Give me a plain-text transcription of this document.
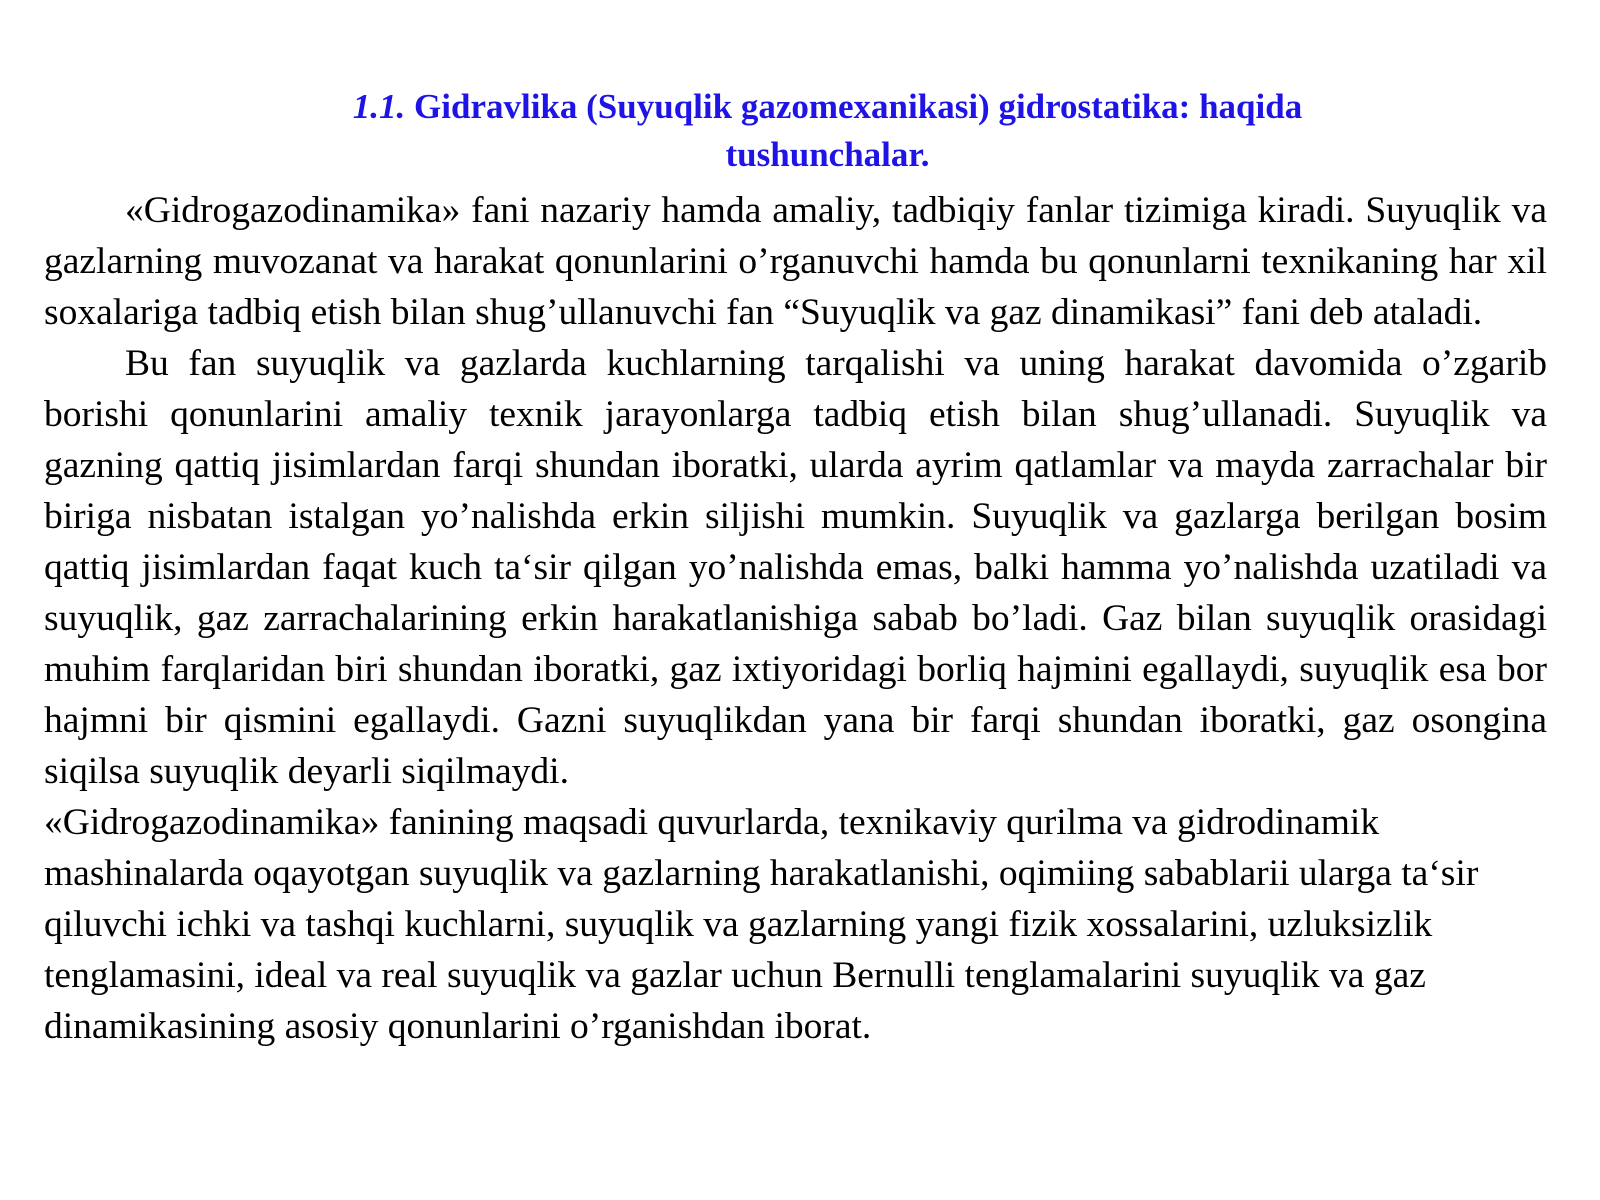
1.1. Gidravlika (Suyuqlik gazomexanikasi) gidrostatika: haqida tushunchalar.

«Gidrogazodinamika» fani nazariy hamda amaliy, tadbiqiy fanlar tizimiga kiradi. Suyuqlik va gazlarning muvozanat va harakat qonunlarini o’rganuvchi hamda bu qonunlarni texnikaning har xil soxalariga tadbiq etish bilan shug’ullanuvchi fan “Suyuqlik va gaz dinamikasi” fani deb ataladi.

Bu fan suyuqlik va gazlarda kuchlarning tarqalishi va uning harakat davomida o’zgarib borishi qonunlarini amaliy texnik jarayonlarga tadbiq etish bilan shug’ullanadi. Suyuqlik va gazning qattiq jisimlardan farqi shundan iboratki, ularda ayrim qatlamlar va mayda zarrachalar bir biriga nisbatan istalgan yo’nalishda erkin siljishi mumkin. Suyuqlik va gazlarga berilgan bosim qattiq jisimlardan faqat kuch ta‘sir qilgan yo’nalishda emas, balki hamma yo’nalishda uzatiladi va suyuqlik, gaz zarrachalarining erkin harakatlanishiga sabab bo’ladi. Gaz bilan suyuqlik orasidagi muhim farqlaridan biri shundan iboratki, gaz ixtiyoridagi borliq hajmini egallaydi, suyuqlik esa bor hajmni bir qismini egallaydi. Gazni suyuqlikdan yana bir farqi shundan iboratki, gaz osongina siqilsa suyuqlik deyarli siqilmaydi.

«Gidrogazodinamika» fanining maqsadi quvurlarda, texnikaviy qurilma va gidrodinamik mashinalarda oqayotgan suyuqlik va gazlarning harakatlanishi, oqimiing sabablarii ularga ta‘sir qiluvchi ichki va tashqi kuchlarni, suyuqlik va gazlarning yangi fizik xossalarini, uzluksizlik tenglamasini, ideal va real suyuqlik va gazlar uchun Bernulli tenglamalarini suyuqlik va gaz dinamikasining asosiy qonunlarini o’rganishdan iborat.
